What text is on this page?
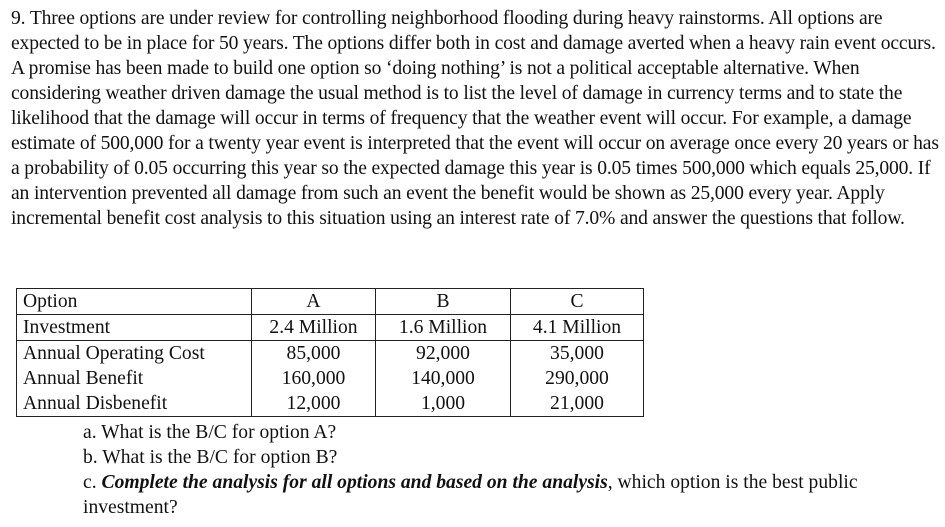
9. Three options are under review for controlling neighborhood flooding during heavy rainstorms. All options are expected to be in place for 50 years. The options differ both in cost and damage averted when a heavy rain event occurs. A promise has been made to build one option so ‘doing nothing’ is not a political acceptable alternative. When considering weather driven damage the usual method is to list the level of damage in currency terms and to state the likelihood that the damage will occur in terms of frequency that the weather event will occur. For example, a damage estimate of 500,000 for a twenty year event is interpreted that the event will occur on average once every 20 years or has a probability of 0.05 occurring this year so the expected damage this year is 0.05 times 500,000 which equals 25,000. If an intervention prevented all damage from such an event the benefit would be shown as 25,000 every year. Apply incremental benefit cost analysis to this situation using an interest rate of 7.0% and answer the questions that follow.

Option	A	B	C
Investment	2.4 Million	1.6 Million	4.1 Million
Annual Operating Cost	85,000	92,000	35,000
Annual Benefit	160,000	140,000	290,000
Annual Disbenefit	12,000	1,000	21,000
a. What is the B/C for option A?
b. What is the B/C for option B?
c. Complete the analysis for all options and based on the analysis, which option is the best public investment?
